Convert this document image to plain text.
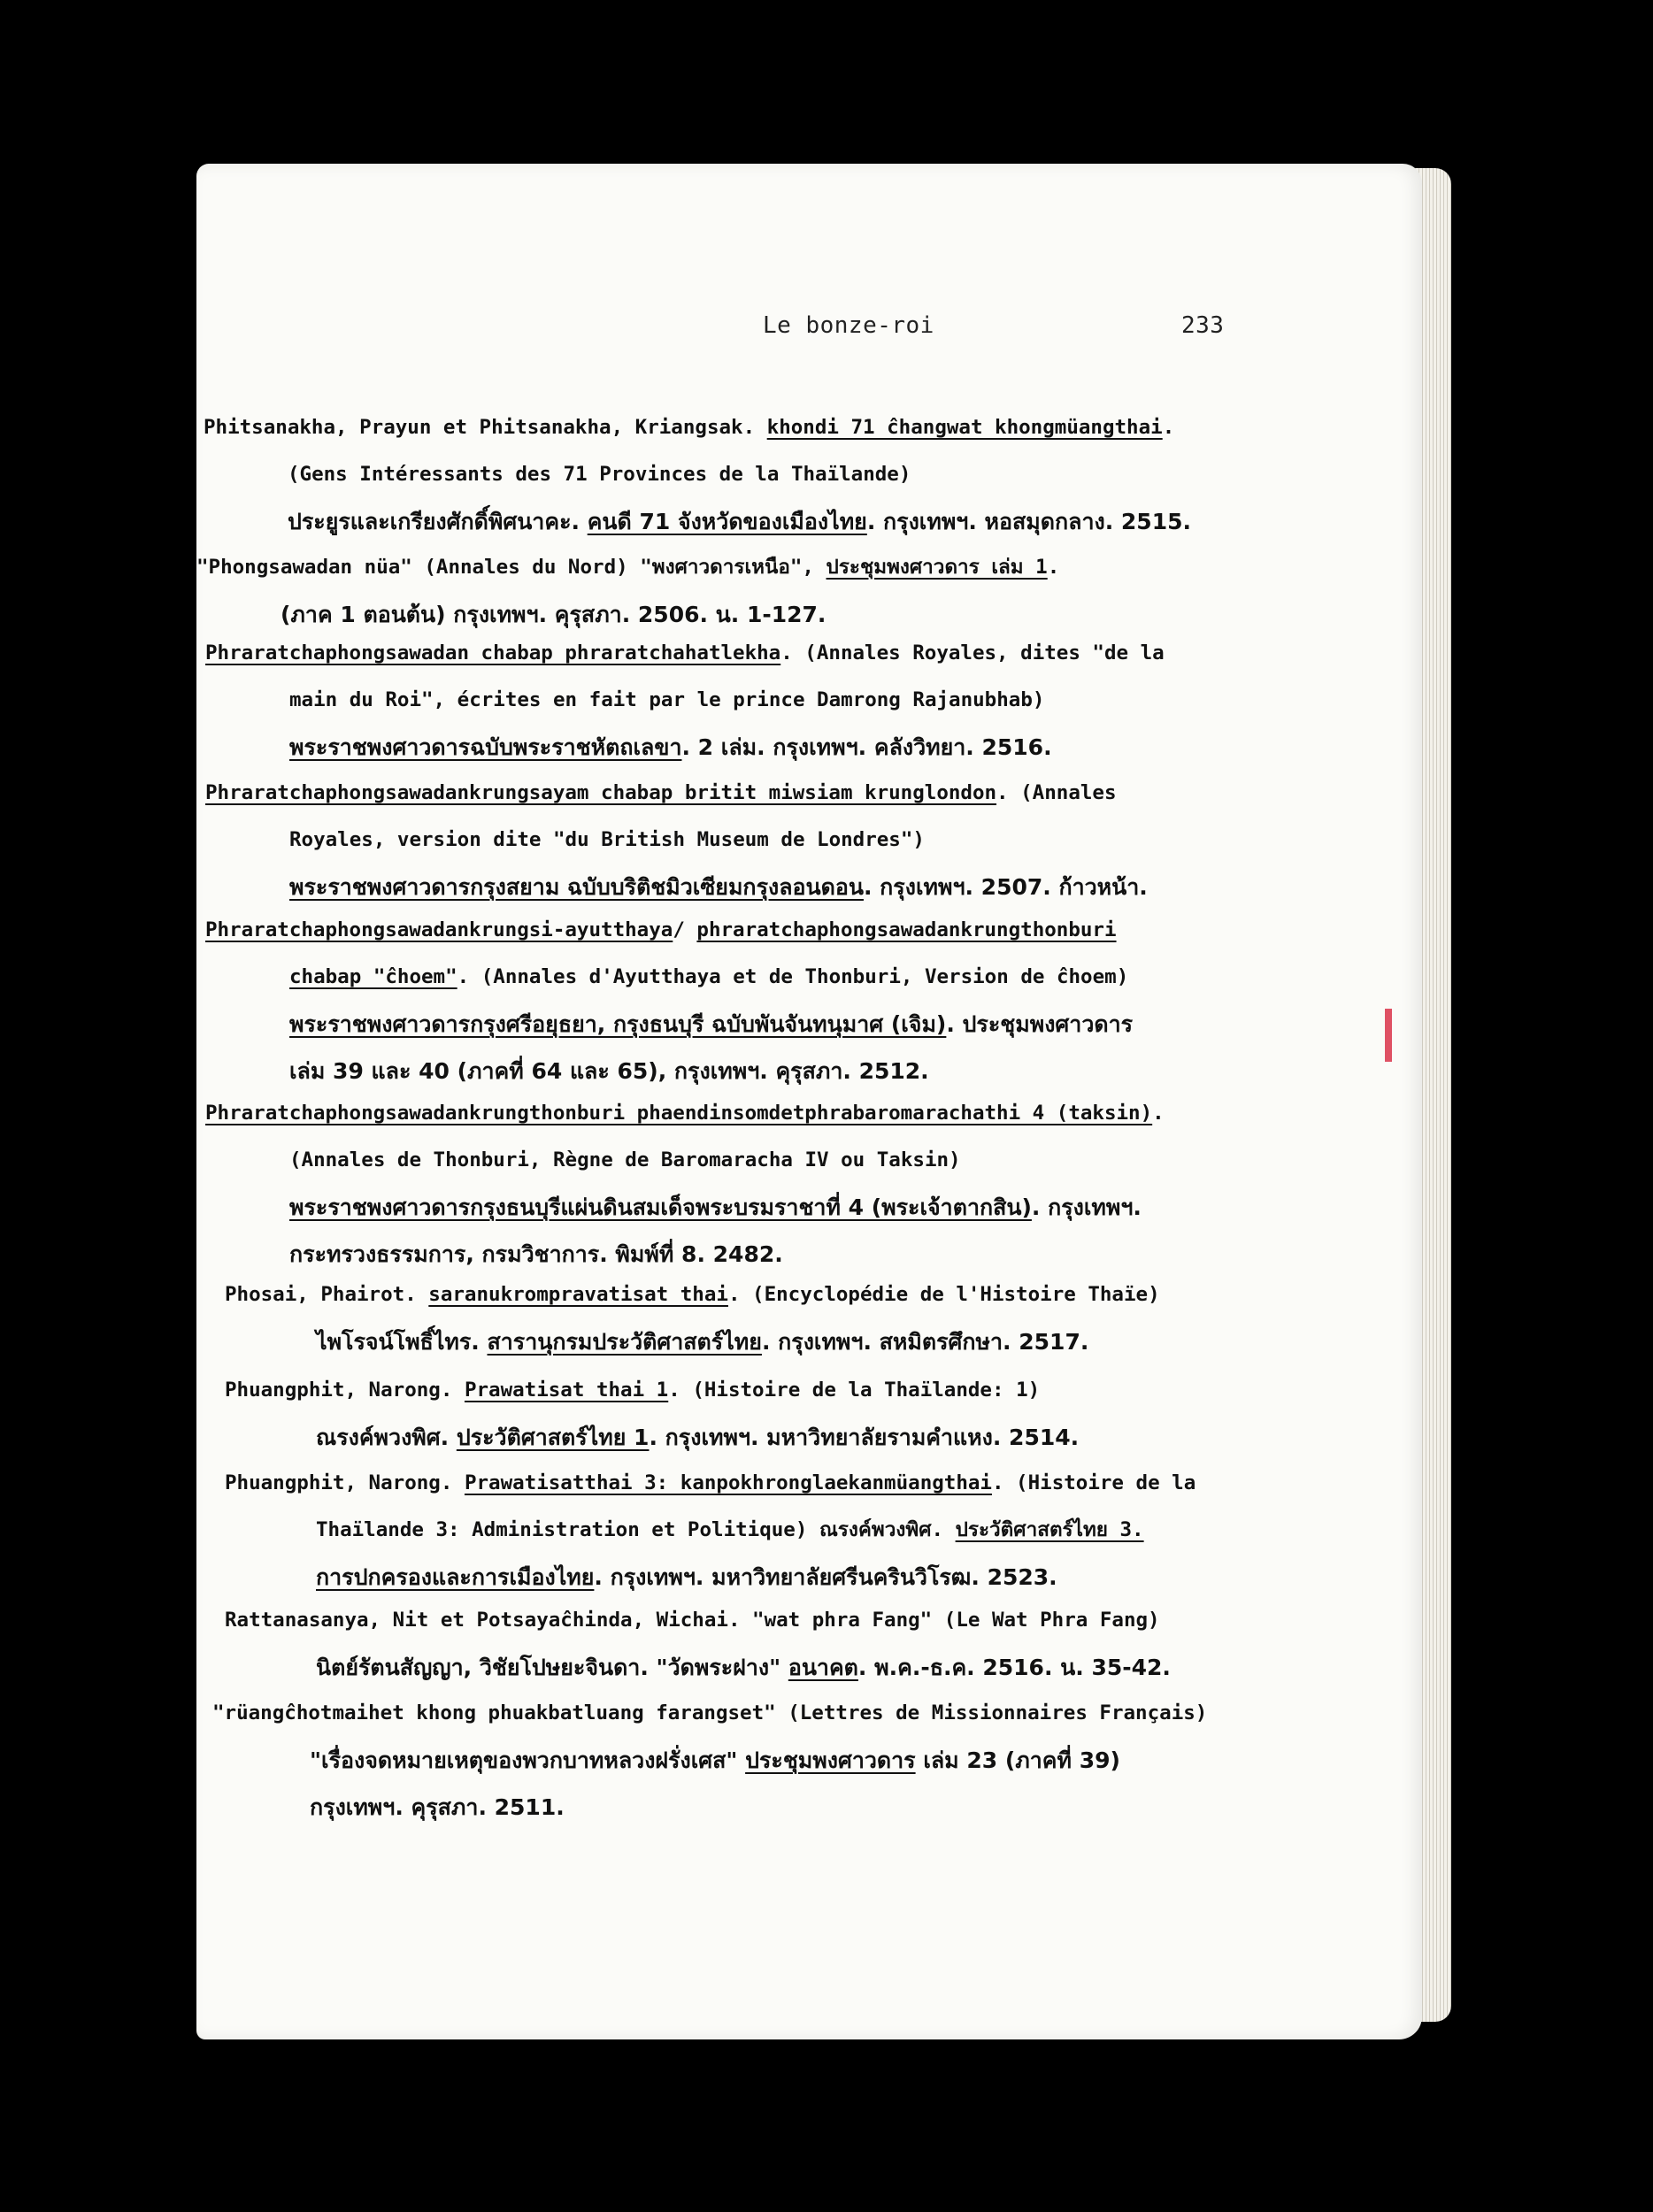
Le bonze-roi	233
Phitsanakha, Prayun et Phitsanakha, Kriangsak. khondi 71 ĉhangwat khongmüangthai.
(Gens Intéressants des 71 Provinces de la Thaïlande)
ประยูรและเกรียงศักดิ์พิศนาคะ. คนดี 71 จังหวัดของเมืองไทย. กรุงเทพฯ. หอสมุดกลาง. 2515.
"Phongsawadan nüa" (Annales du Nord) "พงศาวดารเหนือ", ประชุมพงศาวดาร เล่ม 1.
(ภาค 1 ตอนต้น) กรุงเทพฯ. คุรุสภา. 2506. น. 1-127.
Phraratchaphongsawadan chabap phraratchahatlekha. (Annales Royales, dites "de la
main du Roi", écrites en fait par le prince Damrong Rajanubhab)
พระราชพงศาวดารฉบับพระราชหัตถเลขา. 2 เล่ม. กรุงเทพฯ. คลังวิทยา. 2516.
Phraratchaphongsawadankrungsayam chabap britit miwsiam krunglondon. (Annales
Royales, version dite "du British Museum de Londres")
พระราชพงศาวดารกรุงสยาม ฉบับบริติชมิวเซียมกรุงลอนดอน. กรุงเทพฯ. 2507. ก้าวหน้า.
Phraratchaphongsawadankrungsi-ayutthaya/ phraratchaphongsawadankrungthonburi
chabap "ĉhoem". (Annales d'Ayutthaya et de Thonburi, Version de ĉhoem)
พระราชพงศาวดารกรุงศรีอยุธยา, กรุงธนบุรี ฉบับพันจันทนุมาศ (เจิม). ประชุมพงศาวดาร
เล่ม 39 และ 40 (ภาคที่ 64 และ 65), กรุงเทพฯ. คุรุสภา. 2512.
Phraratchaphongsawadankrungthonburi phaendinsomdetphrabaromarachathi 4 (taksin).
(Annales de Thonburi, Règne de Baromaracha IV ou Taksin)
พระราชพงศาวดารกรุงธนบุรีแผ่นดินสมเด็จพระบรมราชาที่ 4 (พระเจ้าตากสิน). กรุงเทพฯ.
กระทรวงธรรมการ, กรมวิชาการ. พิมพ์ที่ 8. 2482.
Phosai, Phairot. saranukrompravatisat thai. (Encyclopédie de l'Histoire Thaïe)
ไพโรจน์โพธิ์ไทร. สารานุกรมประวัติศาสตร์ไทย. กรุงเทพฯ. สหมิตรศึกษา. 2517.
Phuangphit, Narong. Prawatisat thai 1. (Histoire de la Thaïlande: 1)
ณรงค์พวงพิศ. ประวัติศาสตร์ไทย 1. กรุงเทพฯ. มหาวิทยาลัยรามคำแหง. 2514.
Phuangphit, Narong. Prawatisatthai 3: kanpokhronglaekanmüangthai. (Histoire de la
Thaïlande 3: Administration et Politique) ณรงค์พวงพิศ. ประวัติศาสตร์ไทย 3.
การปกครองและการเมืองไทย. กรุงเทพฯ. มหาวิทยาลัยศรีนครินวิโรฒ. 2523.
Rattanasanya, Nit et Potsayaĉhinda, Wichai. "wat phra Fang" (Le Wat Phra Fang)
นิตย์รัตนสัญญา, วิชัยโปษยะจินดา. "วัดพระฝาง" อนาคต. พ.ค.-ธ.ค. 2516. น. 35-42.
"rüangĉhotmaihet khong phuakbatluang farangset" (Lettres de Missionnaires Français)
"เรื่องจดหมายเหตุของพวกบาทหลวงฝรั่งเศส" ประชุมพงศาวดาร เล่ม 23 (ภาคที่ 39)
กรุงเทพฯ. คุรุสภา. 2511.
